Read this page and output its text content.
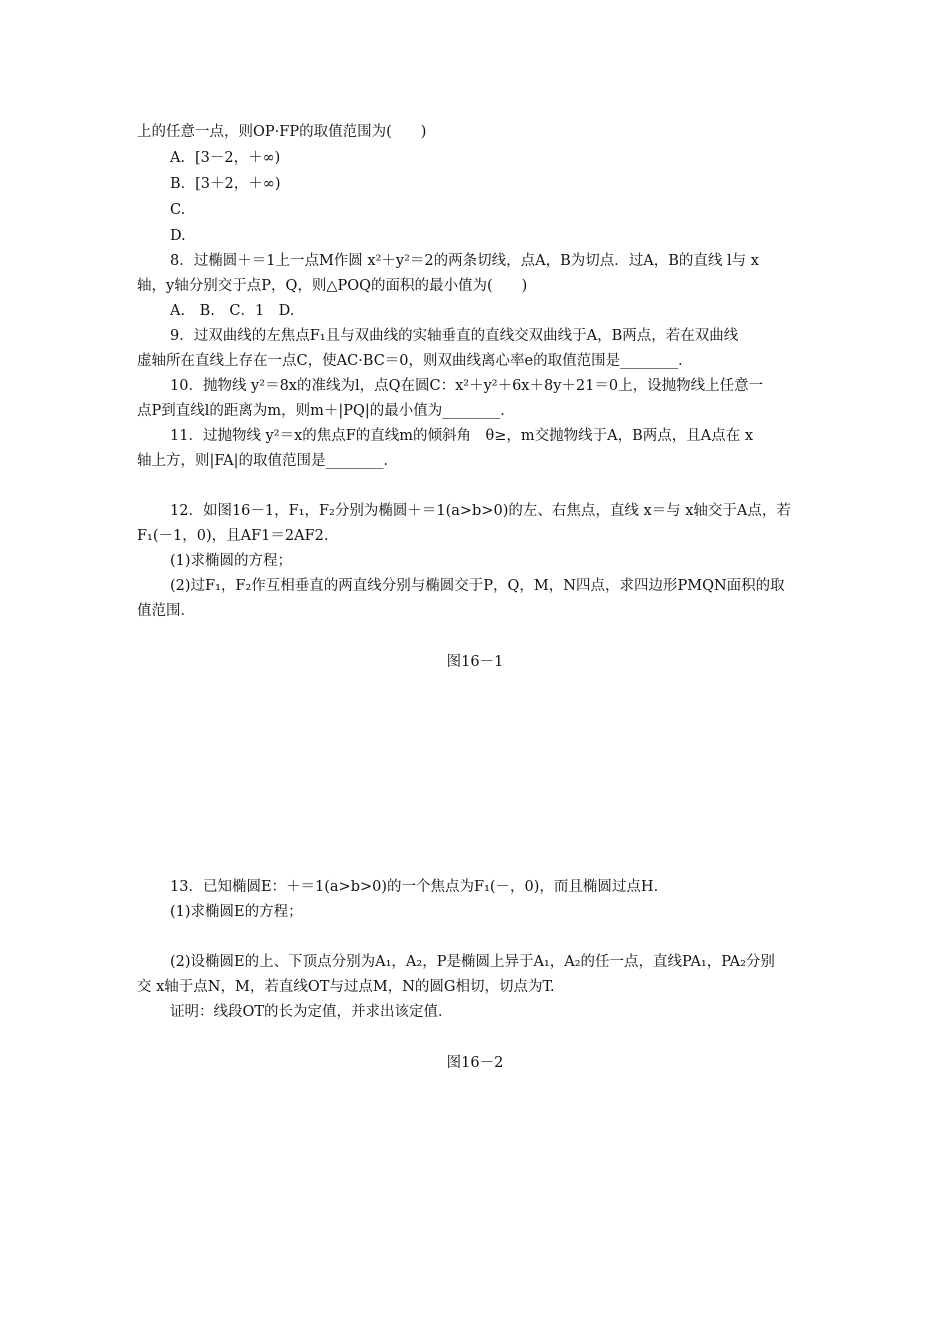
上的任意一点，则OP·FP的取值范围为(　　)
A．[3－2，＋∞)
B．[3＋2，＋∞)
C.
D.
8．过椭圆＋＝1上一点M作圆 x²＋y²＝2的两条切线，点A，B为切点．过A，B的直线 l与 x
轴，y轴分别交于点P，Q，则△POQ的面积的最小值为(　　)
A.　B.　C．1　D.
9．过双曲线的左焦点F₁且与双曲线的实轴垂直的直线交双曲线于A，B两点，若在双曲线
虚轴所在直线上存在一点C，使AC·BC＝0，则双曲线离心率e的取值范围是________．
10．抛物线 y²＝8x的准线为l，点Q在圆C：x²＋y²＋6x＋8y＋21＝0上，设抛物线上任意一
点P到直线l的距离为m，则m＋|PQ|的最小值为________．
11．过抛物线 y²＝x的焦点F的直线m的倾斜角　θ≥，m交抛物线于A，B两点，且A点在 x
轴上方，则|FA|的取值范围是________．
12．如图16－1，F₁，F₂分别为椭圆＋＝1(a>b>0)的左、右焦点，直线 x＝与 x轴交于A点，若
F₁(－1，0)，且AF1＝2AF2.
(1)求椭圆的方程；
(2)过F₁，F₂作互相垂直的两直线分别与椭圆交于P，Q，M，N四点，求四边形PMQN面积的取
值范围．
图16－1
13．已知椭圆E：＋＝1(a>b>0)的一个焦点为F₁(－，0)，而且椭圆过点H.
(1)求椭圆E的方程；
(2)设椭圆E的上、下顶点分别为A₁，A₂，P是椭圆上异于A₁，A₂的任一点，直线PA₁，PA₂分别
交 x轴于点N，M，若直线OT与过点M，N的圆G相切，切点为T.
证明：线段OT的长为定值，并求出该定值．
图16－2
